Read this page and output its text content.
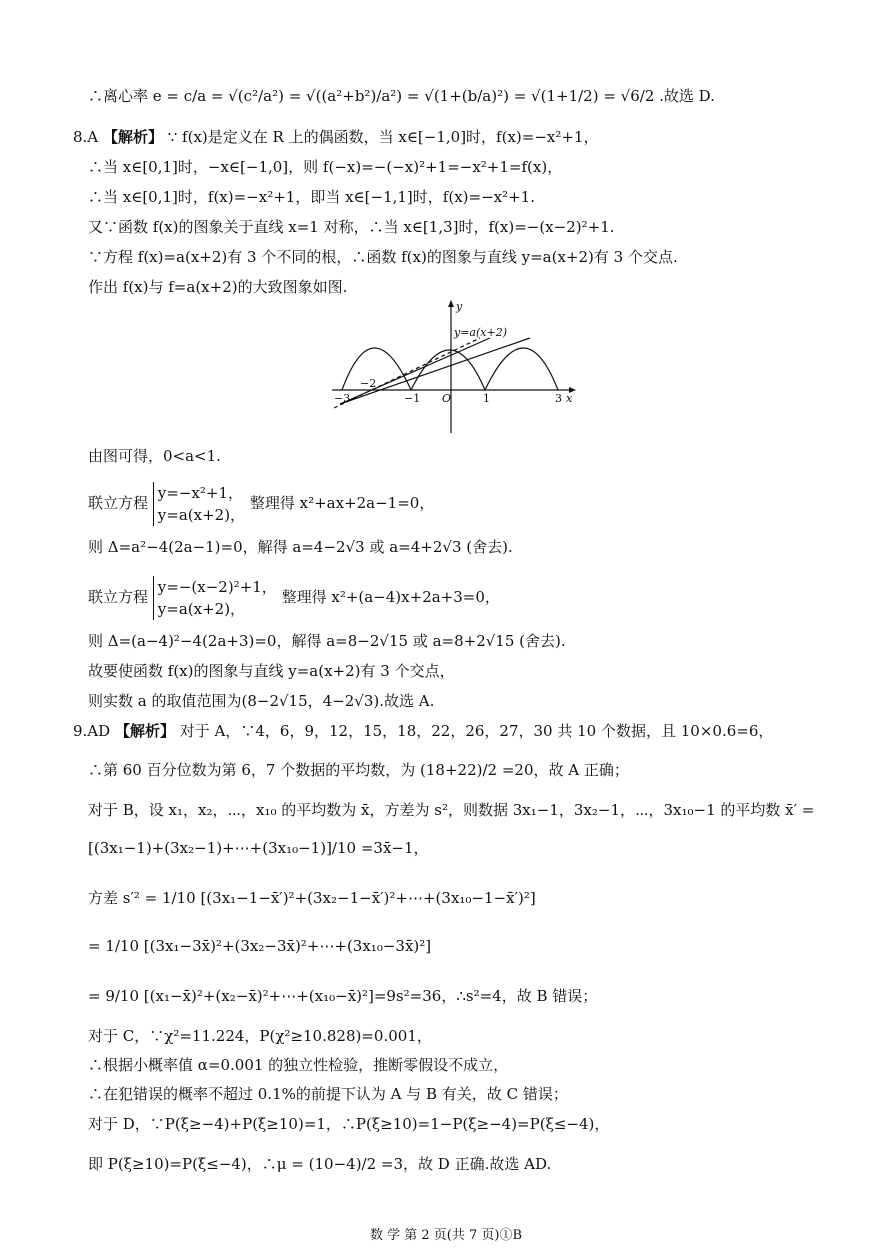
∴离心率 e = c/a = √(c²/a²) = √((a²+b²)/a²) = √(1+(b/a)²) = √(1+1/2) = √6/2 .故选 D.
8.A 【解析】 ∵ f(x)是定义在 R 上的偶函数，当 x∈[−1,0]时，f(x)=−x²+1，
∴当 x∈[0,1]时，−x∈[−1,0]，则 f(−x)=−(−x)²+1=−x²+1=f(x)，
∴当 x∈[0,1]时，f(x)=−x²+1，即当 x∈[−1,1]时，f(x)=−x²+1.
又∵函数 f(x)的图象关于直线 x=1 对称，∴当 x∈[1,3]时，f(x)=−(x−2)²+1.
∵方程 f(x)=a(x+2)有 3 个不同的根，∴函数 f(x)的图象与直线 y=a(x+2)有 3 个交点.
作出 f(x)与 f=a(x+2)的大致图象如图.
y
x
O
y=a(x+2)
−3
−2
−1	1	3
由图可得，0<a<1.
联立方程
y=−x²+1，
y=a(x+2)，
整理得 x²+ax+2a−1=0，
则 Δ=a²−4(2a−1)=0，解得 a=4−2√3 或 a=4+2√3 (舍去).
联立方程
y=−(x−2)²+1，
y=a(x+2)，
整理得 x²+(a−4)x+2a+3=0，
则 Δ=(a−4)²−4(2a+3)=0，解得 a=8−2√15 或 a=8+2√15 (舍去).
故要使函数 f(x)的图象与直线 y=a(x+2)有 3 个交点，
则实数 a 的取值范围为(8−2√15，4−2√3).故选 A.
9.AD 【解析】 对于 A，∵4，6，9，12，15，18，22，26，27，30 共 10 个数据，且 10×0.6=6，
∴第 60 百分位数为第 6，7 个数据的平均数，为 (18+22)/2 =20，故 A 正确；
对于 B，设 x₁，x₂，⋯，x₁₀ 的平均数为 x̄，方差为 s²，则数据 3x₁−1，3x₂−1，⋯，3x₁₀−1 的平均数 x̄′ =
[(3x₁−1)+(3x₂−1)+⋯+(3x₁₀−1)]/10 =3x̄−1，
方差 s′² = 1/10 [(3x₁−1−x̄′)²+(3x₂−1−x̄′)²+⋯+(3x₁₀−1−x̄′)²]
= 1/10 [(3x₁−3x̄)²+(3x₂−3x̄)²+⋯+(3x₁₀−3x̄)²]
= 9/10 [(x₁−x̄)²+(x₂−x̄)²+⋯+(x₁₀−x̄)²]=9s²=36，∴s²=4，故 B 错误；
对于 C，∵χ²=11.224，P(χ²≥10.828)=0.001，
∴根据小概率值 α=0.001 的独立性检验，推断零假设不成立，
∴在犯错误的概率不超过 0.1%的前提下认为 A 与 B 有关，故 C 错误；
对于 D，∵P(ξ≥−4)+P(ξ≥10)=1，∴P(ξ≥10)=1−P(ξ≥−4)=P(ξ≤−4)，
即 P(ξ≥10)=P(ξ≤−4)，∴μ = (10−4)/2 =3，故 D 正确.故选 AD.
数 学 第 2 页(共 7 页)①B
